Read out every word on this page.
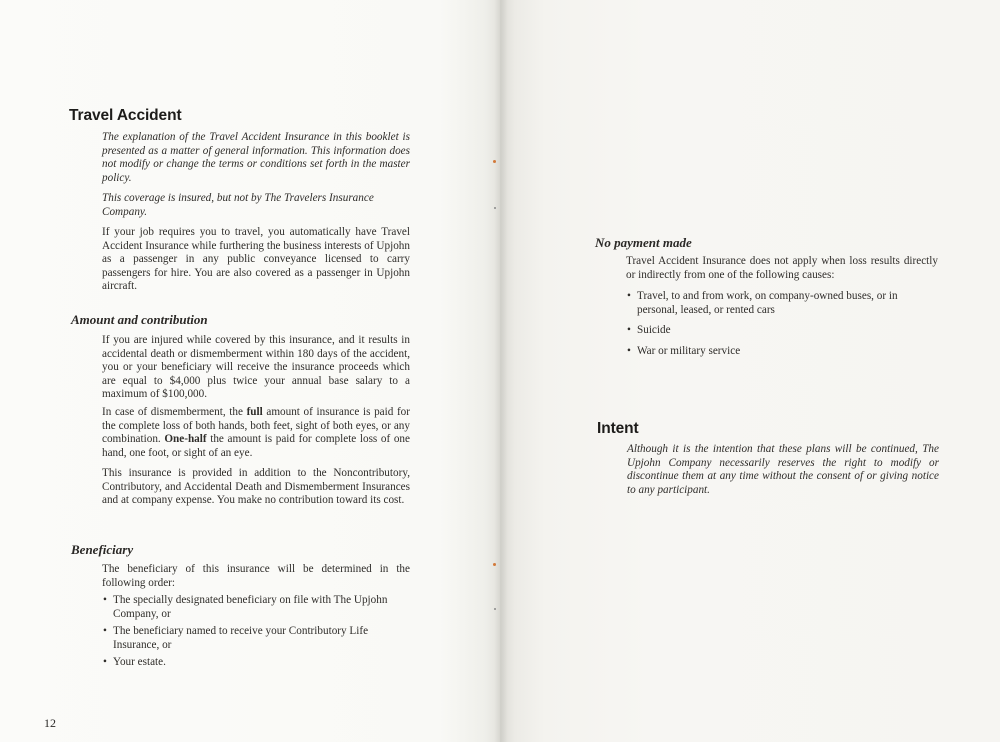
Travel Accident

The explanation of the Travel Accident Insurance in this booklet is presented as a matter of general information. This information does not modify or change the terms or conditions set forth in the master policy.

This coverage is insured, but not by The Travelers Insurance Company.

If your job requires you to travel, you automatically have Travel Accident Insurance while furthering the business interests of Upjohn as a passenger in any public conveyance licensed to carry passengers for hire. You are also covered as a passenger in Upjohn aircraft.

Amount and contribution

If you are injured while covered by this insurance, and it results in accidental death or dismemberment within 180 days of the accident, you or your beneficiary will receive the insurance proceeds which are equal to $4,000 plus twice your annual base salary to a maximum of $100,000.

In case of dismemberment, the full amount of insurance is paid for the complete loss of both hands, both feet, sight of both eyes, or any combination. One-half the amount is paid for complete loss of one hand, one foot, or sight of an eye.

This insurance is provided in addition to the Noncontributory, Contributory, and Accidental Death and Dismemberment Insurances and at company expense. You make no contribution toward its cost.

Beneficiary

The beneficiary of this insurance will be determined in the following order:

• The specially designated beneficiary on file with The Upjohn Company, or
• The beneficiary named to receive your Contributory Life Insurance, or
• Your estate.

12

No payment made

Travel Accident Insurance does not apply when loss results directly or indirectly from one of the following causes:

• Travel, to and from work, on company-owned buses, or in personal, leased, or rented cars
• Suicide
• War or military service
Intent

Although it is the intention that these plans will be continued, The Upjohn Company necessarily reserves the right to modify or discontinue them at any time without the consent of or giving notice to any participant.
